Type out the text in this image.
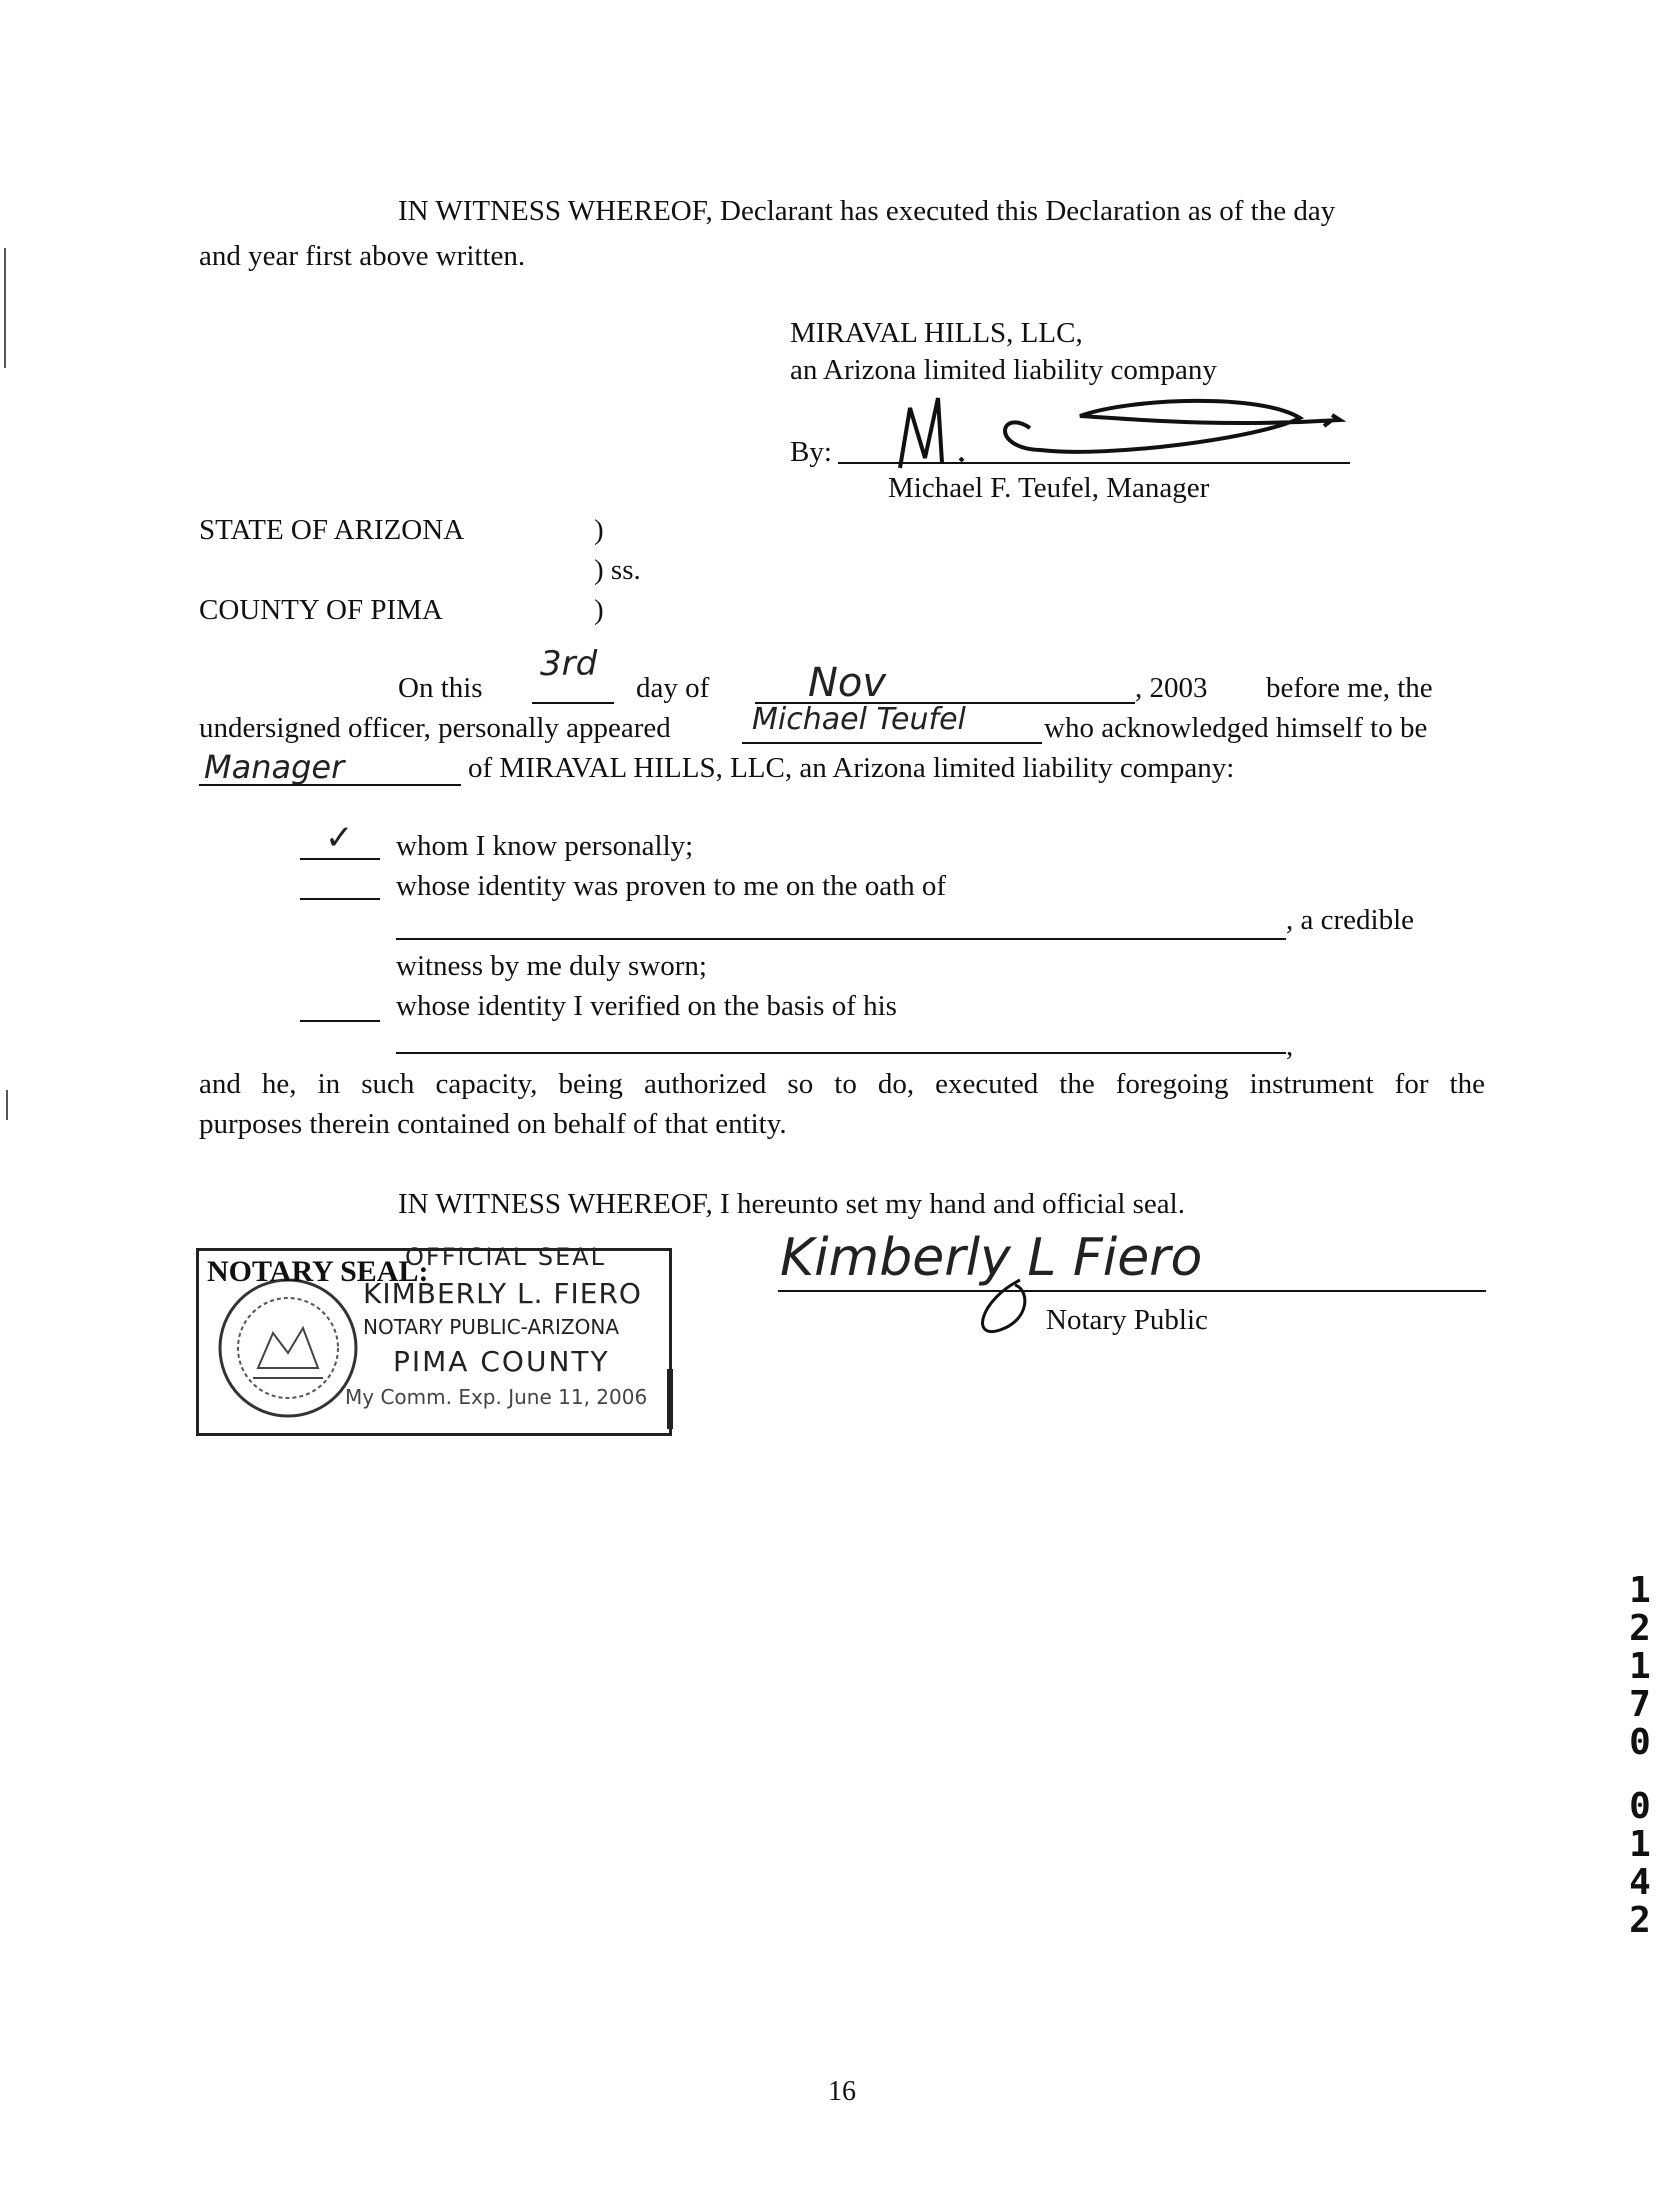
IN WITNESS WHEREOF, Declarant has executed this Declaration as of the day
and year first above written.
MIRAVAL HILLS, LLC,
an Arizona limited liability company
By:
Michael F. Teufel, Manager
STATE OF ARIZONA	)
) ss.
COUNTY OF PIMA	)
On this
3rd
day of Nov	, 2003 before me, the
undersigned officer, personally appeared	Michael Teufel	who acknowledged himself to be
Manager	of MIRAVAL HILLS, LLC, an Arizona limited liability company:
✓ whom I know personally;
whose identity was proven to me on the oath of
, a credible
witness by me duly sworn;
whose identity I verified on the basis of his
,
and he, in such capacity, being authorized so to do, executed the foregoing instrument for the
purposes therein contained on behalf of that entity.
IN WITNESS WHEREOF, I hereunto set my hand and official seal.
Kimberly L Fiero
Notary Public
NOTARY SEAL:
OFFICIAL SEAL
KIMBERLY L. FIERO
NOTARY PUBLIC-ARIZONA
PIMA COUNTY
My Comm. Exp. June 11, 2006
1
2
1
7
0
0
1
4
2
16
